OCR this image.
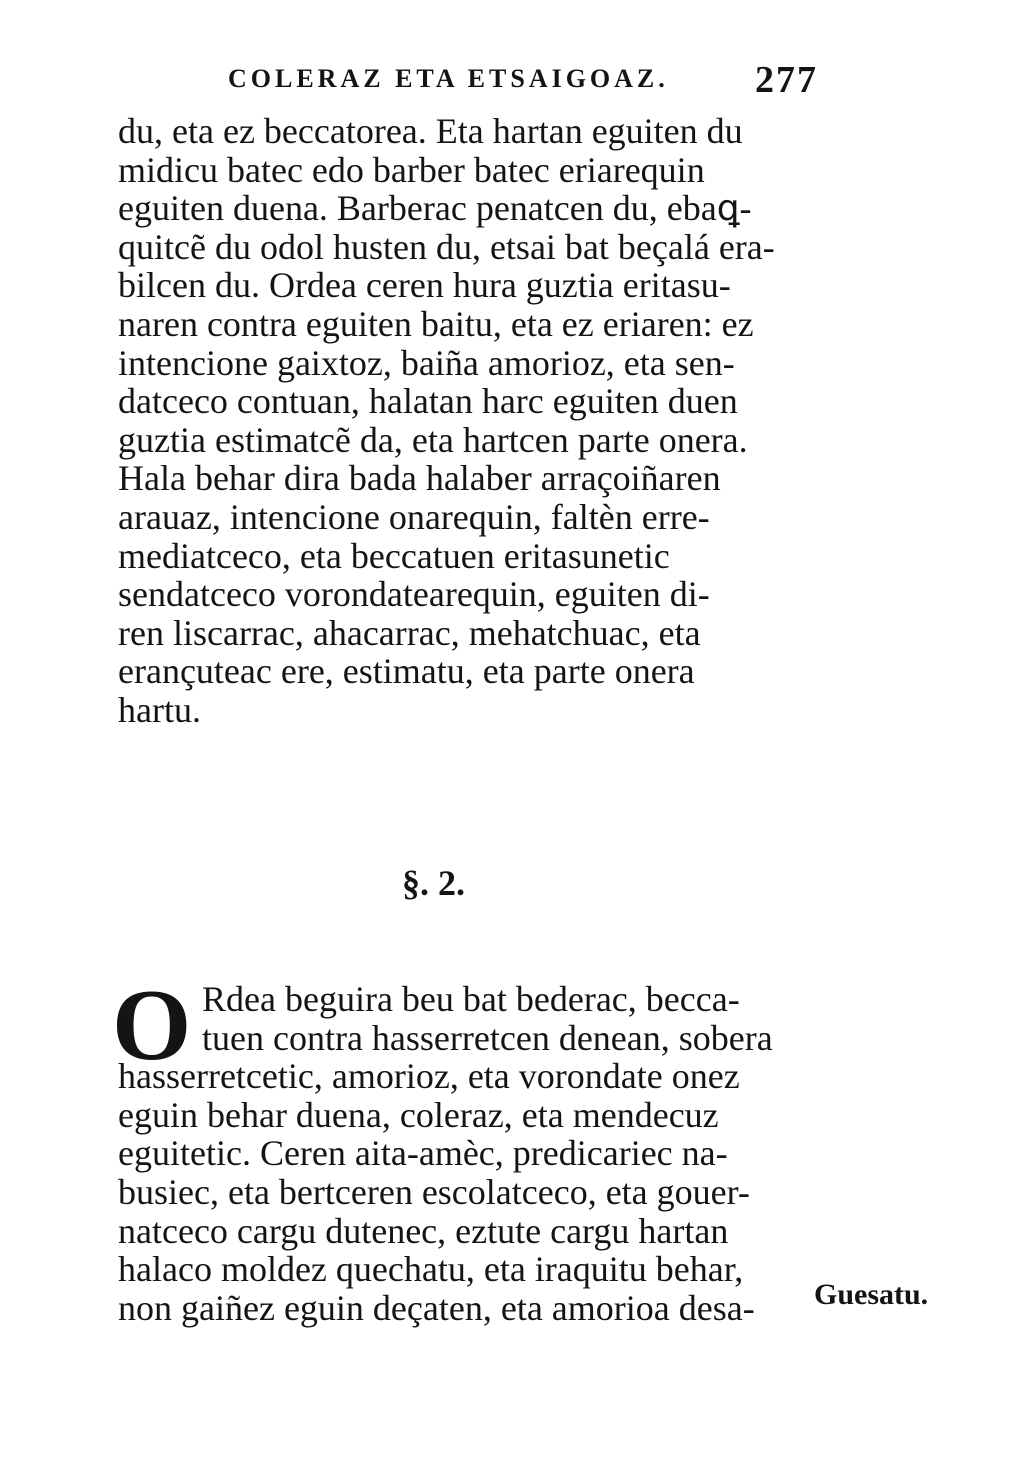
COLERAZ ETA ETSAIGOAZ. 277
du, eta ez beccatorea. Eta hartan eguiten du
midicu batec edo barber batec eriarequin
eguiten duena. Barberac penatcen du, ebaꝗ-
quitcẽ du odol husten du, etsai bat beçalá era-
bilcen du. Ordea ceren hura guztia eritasu-
naren contra eguiten baitu, eta ez eriaren: ez
intencione gaixtoz, baiña amorioz, eta sen-
datceco contuan, halatan harc eguiten duen
guztia estimatcẽ da, eta hartcen parte onera.
Hala behar dira bada halaber arraçoiñaren
arauaz, intencione onarequin, faltèn erre-
mediatceco, eta beccatuen eritasunetic
sendatceco vorondatearequin, eguiten di-
ren liscarrac, ahacarrac, mehatchuac, eta
erançuteac ere, estimatu, eta parte onera
hartu.
§. 2.
O Rdea beguira beu bat bederac, becca-
tuen contra hasserretcen denean, sobera
hasserretcetic, amorioz, eta vorondate onez
eguin behar duena, coleraz, eta mendecuz
eguitetic. Ceren aita-amèc, predicariec na-
busiec, eta bertceren escolatceco, eta gouer-
natceco cargu dutenec, eztute cargu hartan
halaco moldez quechatu, eta iraquitu behar,
non gaiñez eguin deçaten, eta amorioa desa-	Guesatu.
